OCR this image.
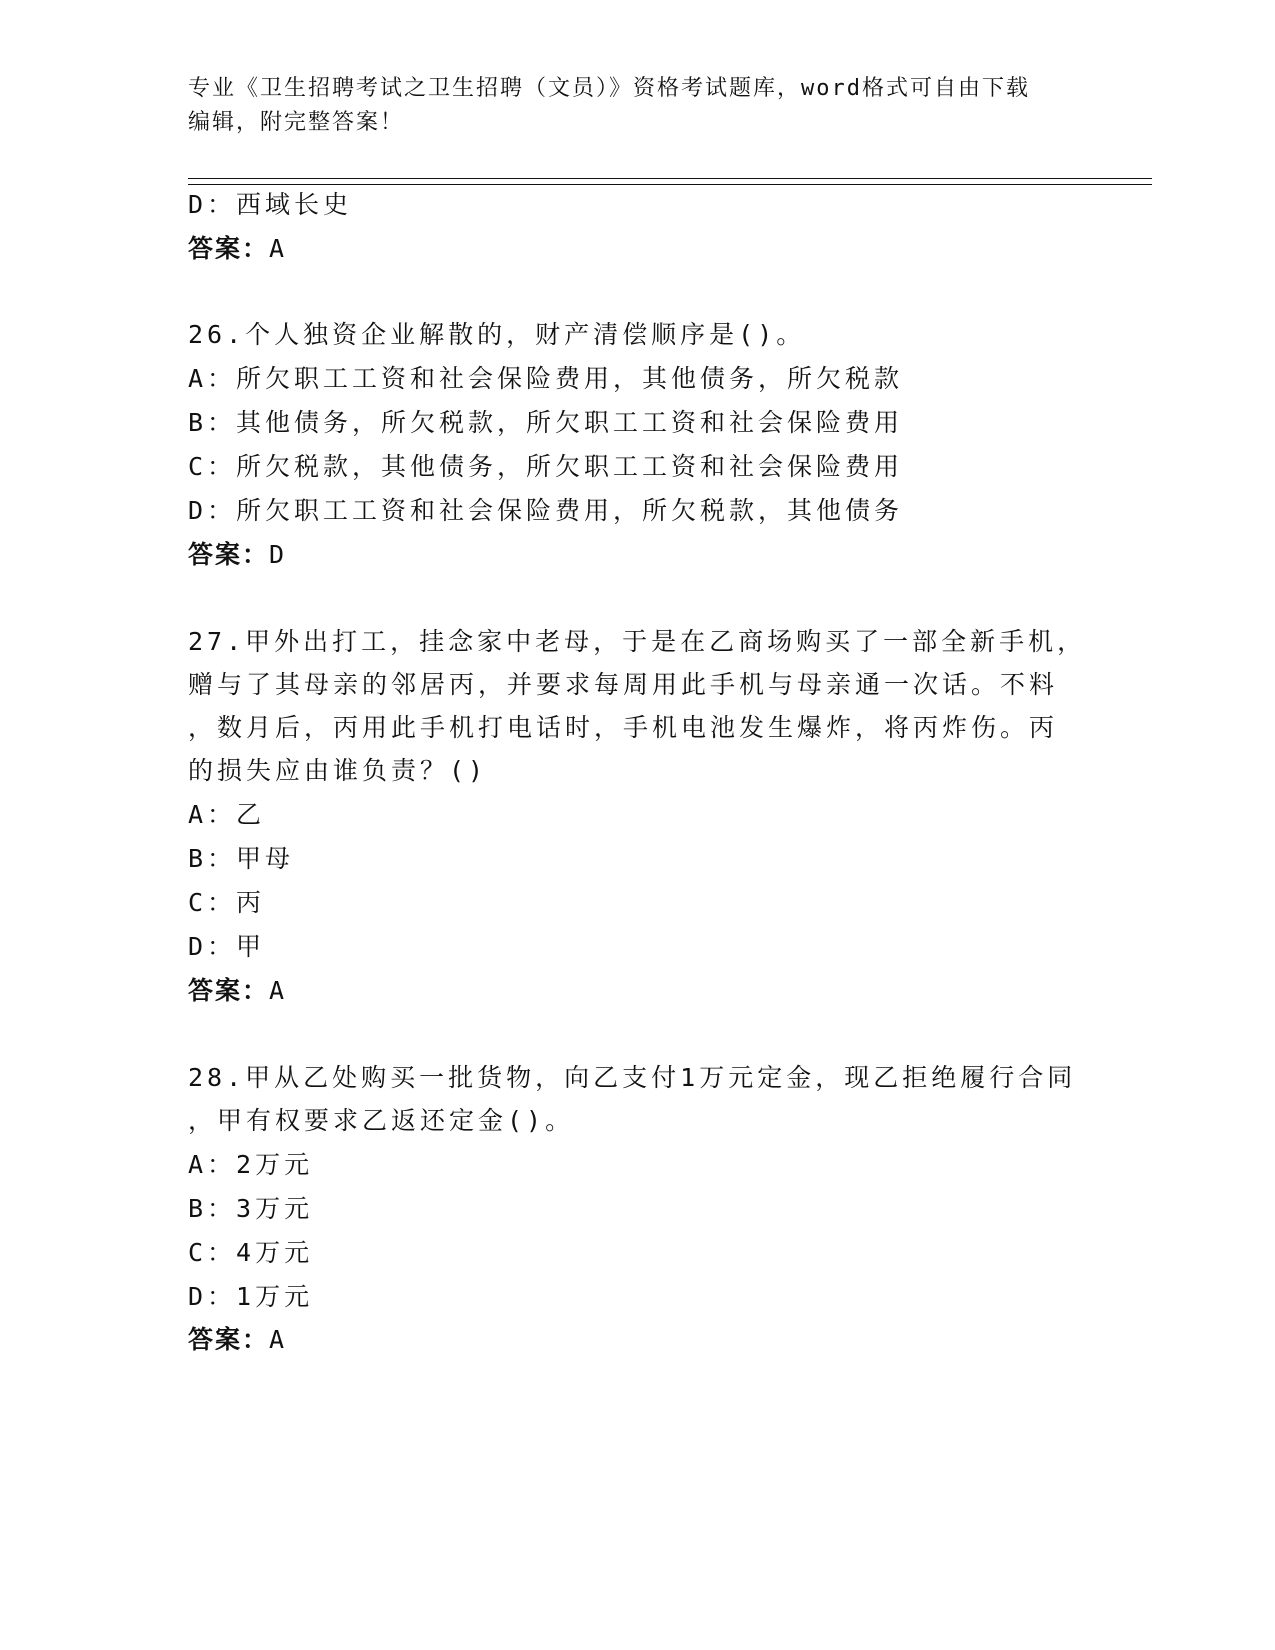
专业《卫生招聘考试之卫生招聘（文员）》资格考试题库，word格式可自由下载
编辑，附完整答案！
D：西域长史
答案：A
26.个人独资企业解散的，财产清偿顺序是()。
A：所欠职工工资和社会保险费用，其他债务，所欠税款
B：其他债务，所欠税款，所欠职工工资和社会保险费用
C：所欠税款，其他债务，所欠职工工资和社会保险费用
D：所欠职工工资和社会保险费用，所欠税款，其他债务
答案：D
27.甲外出打工，挂念家中老母，于是在乙商场购买了一部全新手机，
赠与了其母亲的邻居丙，并要求每周用此手机与母亲通一次话。不料
，数月后，丙用此手机打电话时，手机电池发生爆炸，将丙炸伤。丙
的损失应由谁负责？()
A：乙
B：甲母
C：丙
D：甲
答案：A
28.甲从乙处购买一批货物，向乙支付1万元定金，现乙拒绝履行合同
，甲有权要求乙返还定金()。
A：2万元
B：3万元
C：4万元
D：1万元
答案：A
